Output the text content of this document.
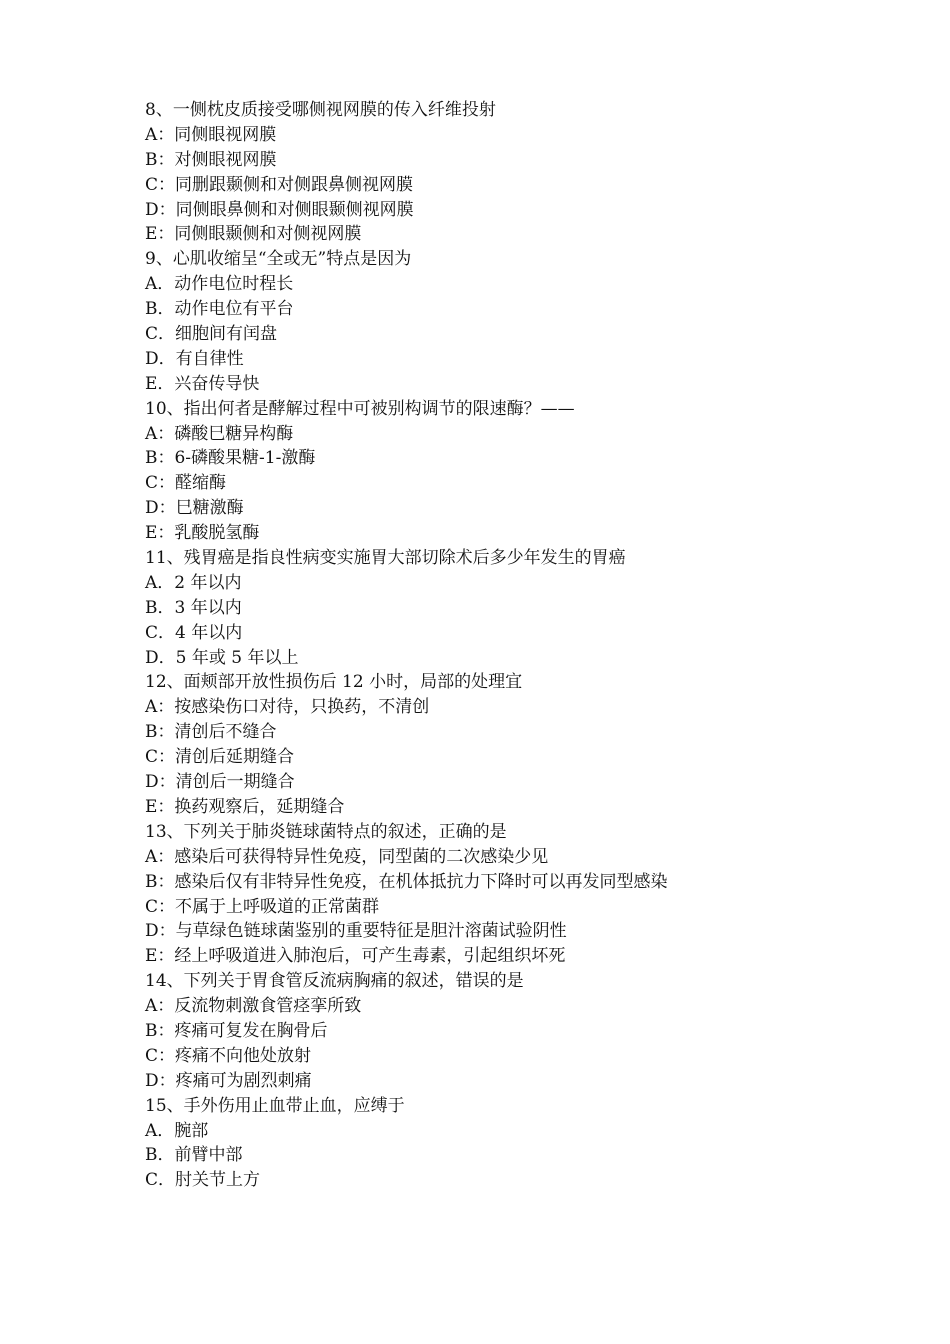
8、一侧枕皮质接受哪侧视网膜的传入纤维投射
A：同侧眼视网膜
B：对侧眼视网膜
C：同删跟颞侧和对侧跟鼻侧视网膜
D：同侧眼鼻侧和对侧眼颞侧视网膜
E：同侧眼颞侧和对侧视网膜
9、心肌收缩呈“全或无”特点是因为
A．动作电位时程长
B．动作电位有平台
C．细胞间有闰盘
D．有自律性
E．兴奋传导快
10、指出何者是酵解过程中可被别构调节的限速酶？——
A：磷酸巳糖异构酶
B：6-磷酸果糖-1-激酶
C：醛缩酶
D：巳糖激酶
E：乳酸脱氢酶
11、残胃癌是指良性病变实施胃大部切除术后多少年发生的胃癌
A．2 年以内
B．3 年以内
C．4 年以内
D．5 年或 5 年以上
12、面颊部开放性损伤后 12 小时，局部的处理宜
A：按感染伤口对待，只换药，不清创
B：清创后不缝合
C：清创后延期缝合
D：清创后一期缝合
E：换药观察后，延期缝合
13、下列关于肺炎链球菌特点的叙述，正确的是
A：感染后可获得特异性免疫，同型菌的二次感染少见
B：感染后仅有非特异性免疫，在机体抵抗力下降时可以再发同型感染
C：不属于上呼吸道的正常菌群
D：与草绿色链球菌鉴别的重要特征是胆汁溶菌试验阴性
E：经上呼吸道进入肺泡后，可产生毒素，引起组织坏死
14、下列关于胃食管反流病胸痛的叙述，错误的是
A：反流物刺激食管痉挛所致
B：疼痛可复发在胸骨后
C：疼痛不向他处放射
D：疼痛可为剧烈刺痛
15、手外伤用止血带止血，应缚于
A．腕部
B．前臂中部
C．肘关节上方
